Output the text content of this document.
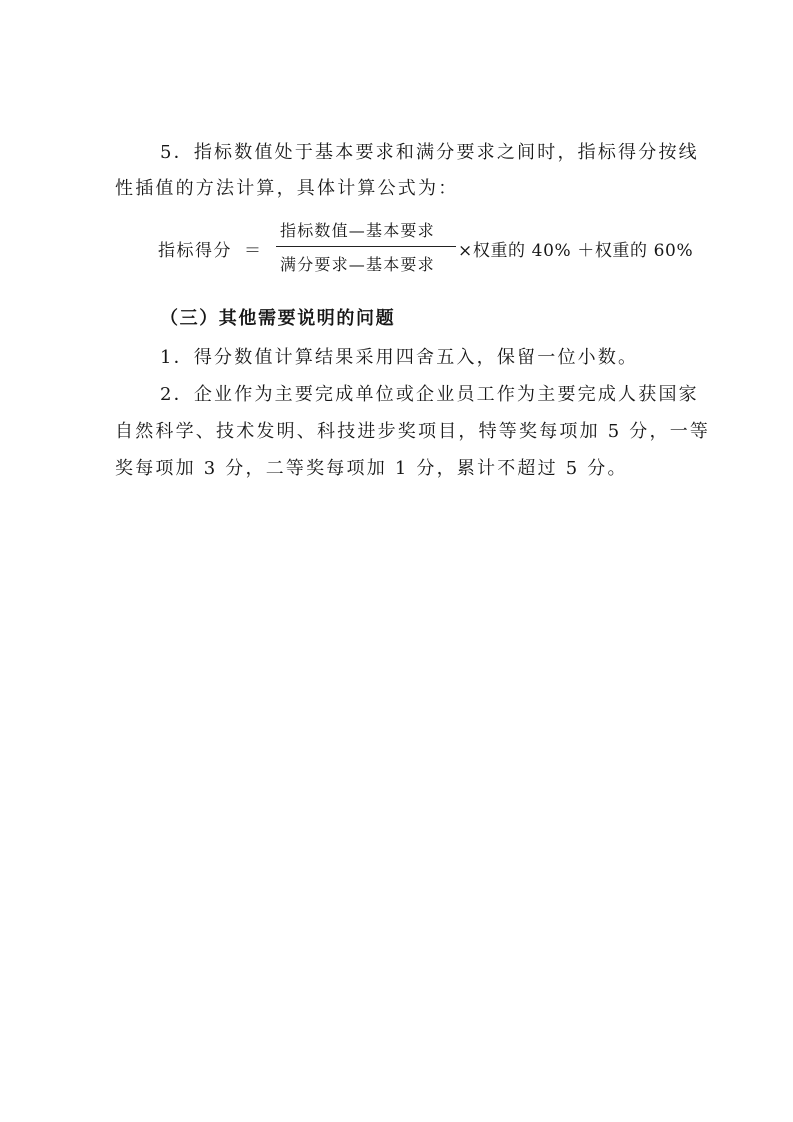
5．指标数值处于基本要求和满分要求之间时，指标得分按线
性插值的方法计算，具体计算公式为：
指标得分 ＝
指标数值—基本要求
满分要求—基本要求
×权重的 40% ＋权重的 60%
（三）其他需要说明的问题
1．得分数值计算结果采用四舍五入，保留一位小数。
2．企业作为主要完成单位或企业员工作为主要完成人获国家
自然科学、技术发明、科技进步奖项目，特等奖每项加 5 分，一等
奖每项加 3 分，二等奖每项加 1 分，累计不超过 5 分。
